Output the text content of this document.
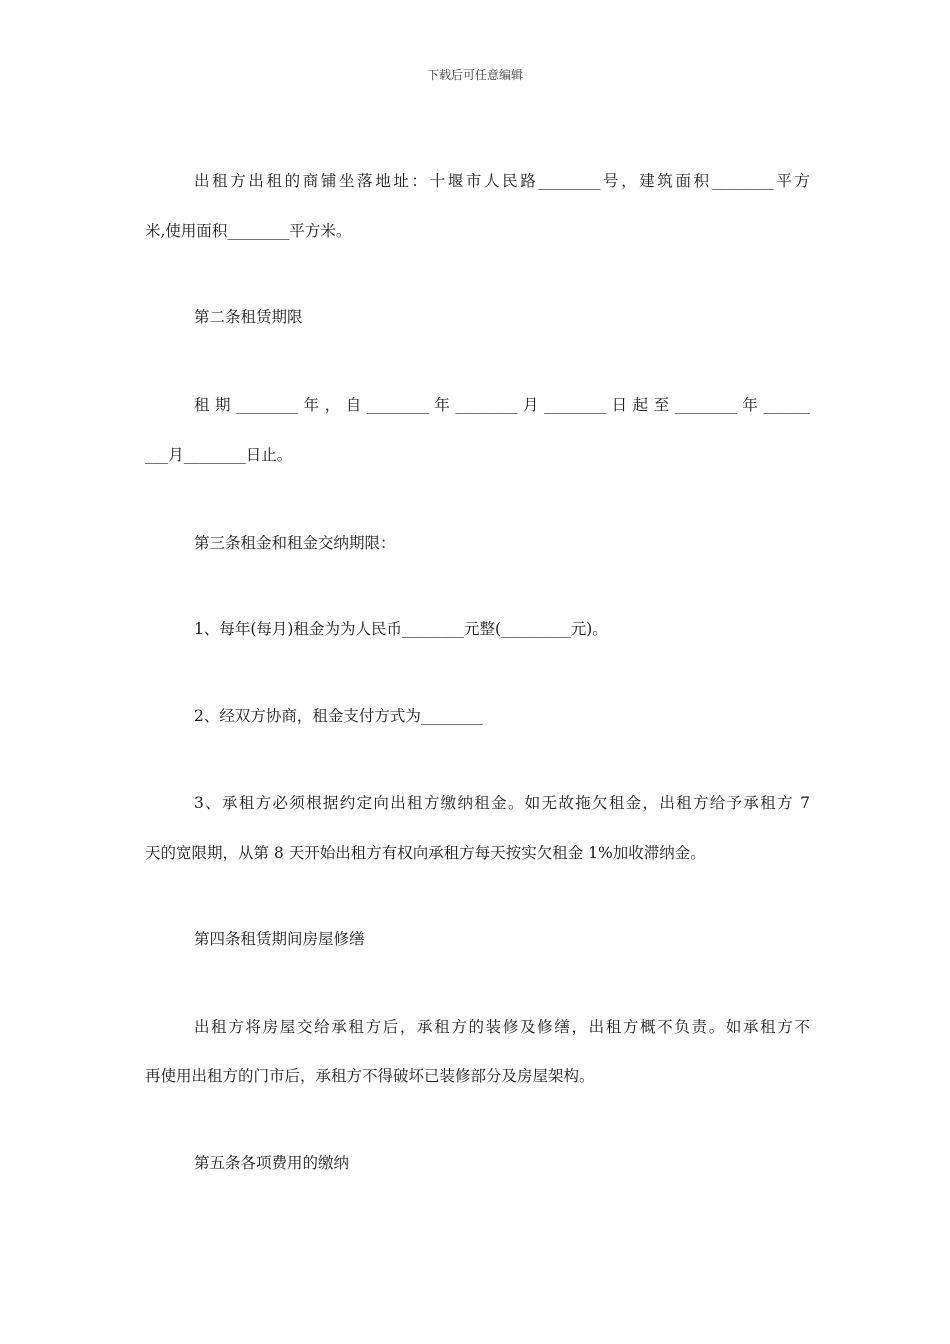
下载后可任意编辑
出租方出租的商铺坐落地址：十堰市人民路________号，建筑面积________平方
米,使用面积________平方米。
第二条租赁期限
租期________年，自________年________月________日起至________年______
___月________日止。
第三条租金和租金交纳期限：
1、每年(每月)租金为为人民币________元整(_________元)。
2、经双方协商，租金支付方式为________
3、承租方必须根据约定向出租方缴纳租金。如无故拖欠租金，出租方给予承租方 7
天的宽限期，从第 8 天开始出租方有权向承租方每天按实欠租金 1%加收滞纳金。
第四条租赁期间房屋修缮
出租方将房屋交给承租方后，承租方的装修及修缮，出租方概不负责。如承租方不
再使用出租方的门市后，承租方不得破坏已装修部分及房屋架构。
第五条各项费用的缴纳
